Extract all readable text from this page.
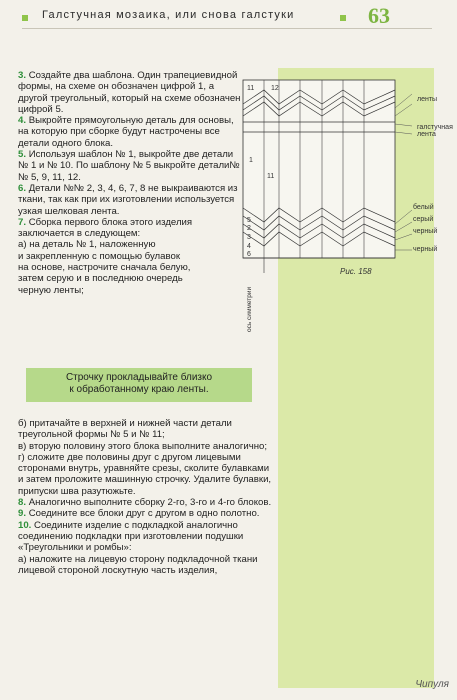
Галстучная мозаика, или снова галстуки	63

3. Создайте два шаблона. Один трапециевидной формы, на схеме он обозначен цифрой 1, а другой треугольный, который на схеме обозначен цифрой 5.

4. Выкройте прямоугольную деталь для основы, на которую при сборке будут настрочены все детали одного блока.

5. Используя шаблон № 1, выкройте две детали № 1 и № 10. По шаблону № 5 выкройте детали№№ 5, 9, 11, 12.

6. Детали №№ 2, 3, 4, 6, 7, 8 не выкраиваются из ткани, так как при их изготовлении используется узкая шелковая лента.

7. Сборка первого блока этого изделия заключается в следующем:

а) на деталь № 1, наложенную

и закрепленную с помощью булавок

на основе, настрочите сначала белую,

затем серую и в последнюю очередь

черную ленты;

11 12
1
11
5
2
3
4
6
ленты
галстучная
лента
белый
серый
черный
черный
Рис. 158
ось симметрии
Строчку прокладывайте близко
к обработанному краю ленты.

б) притачайте в верхней и нижней части детали треугольной формы № 5 и № 11;

в) вторую половину этого блока выполните аналогично;

г) сложите две половины друг с другом лицевыми сторонами внутрь, уравняйте срезы, сколите булавками и затем проложите машинную строчку. Удалите булавки, припуски шва разутюжьте.

8. Аналогично выполните сборку 2-го, 3-го и 4-го блоков.

9. Соедините все блоки друг с другом в одно полотно.

10. Соедините изделие с подкладкой аналогично соединению подкладки при изготовлении подушки «Треугольники и ромбы»:

а) наложите на лицевую сторону подкладочной ткани лицевой стороной лоскутную часть изделия,

Чипуля
